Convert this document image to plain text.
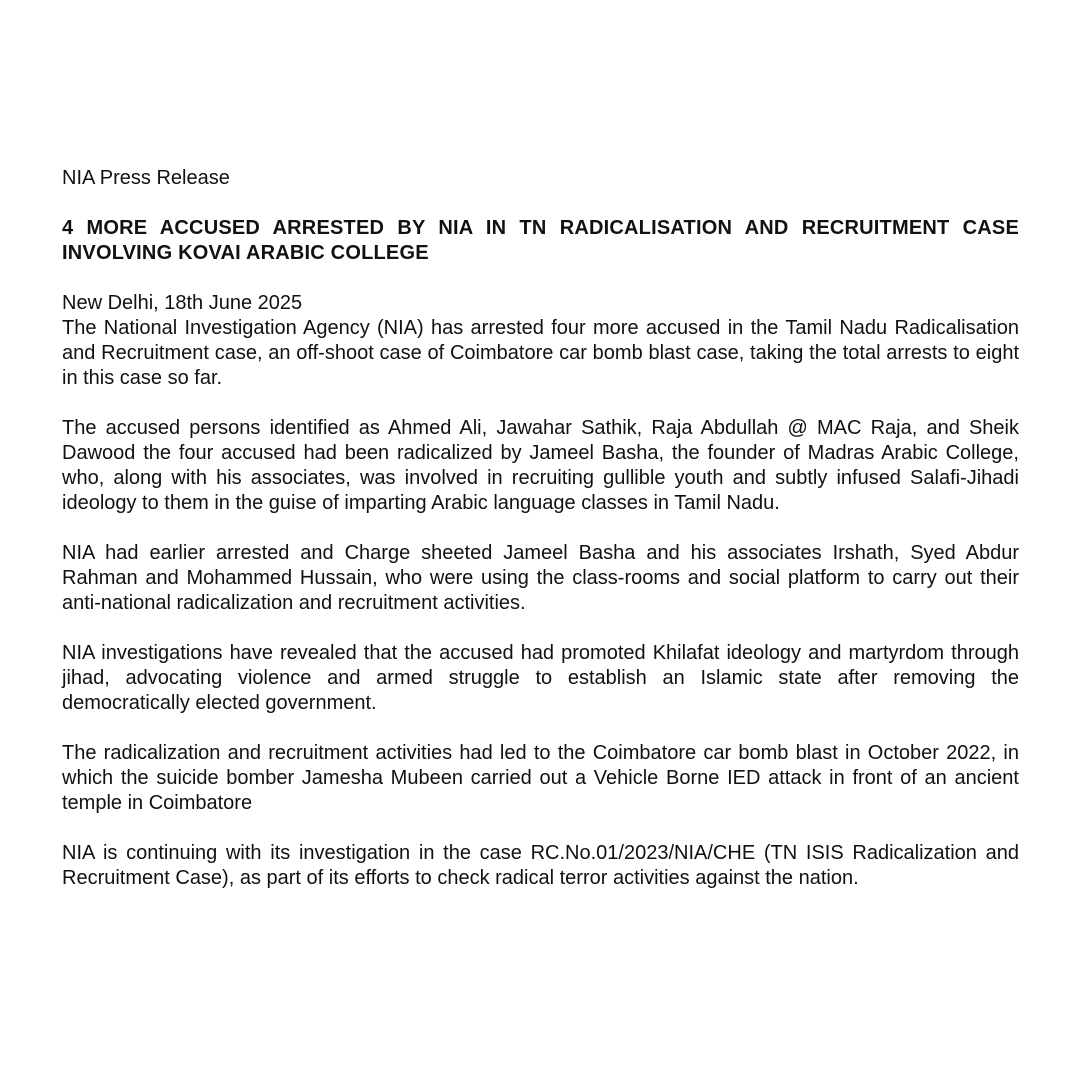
NIA Press Release

4 MORE ACCUSED ARRESTED BY NIA IN TN RADICALISATION AND RECRUITMENT CASE INVOLVING KOVAI ARABIC COLLEGE

New Delhi, 18th June 2025

The National Investigation Agency (NIA) has arrested four more accused in the Tamil Nadu Radicalisation and Recruitment case, an off-shoot case of Coimbatore car bomb blast case, taking the total arrests to eight in this case so far.

The accused persons identified as Ahmed Ali, Jawahar Sathik, Raja Abdullah @ MAC Raja, and Sheik Dawood the four accused had been radicalized by Jameel Basha, the founder of Madras Arabic College, who, along with his associates, was involved in recruiting gullible youth and subtly infused Salafi-Jihadi ideology to them in the guise of imparting Arabic language classes in Tamil Nadu.

NIA had earlier arrested and Charge sheeted Jameel Basha and his associates Irshath, Syed Abdur Rahman and Mohammed Hussain, who were using the class-rooms and social platform to carry out their anti-national radicalization and recruitment activities.

NIA investigations have revealed that the accused had promoted Khilafat ideology and martyrdom through jihad, advocating violence and armed struggle to establish an Islamic state after removing the democratically elected government.

The radicalization and recruitment activities had led to the Coimbatore car bomb blast in October 2022, in which the suicide bomber Jamesha Mubeen carried out a Vehicle Borne IED attack in front of an ancient temple in Coimbatore

NIA is continuing with its investigation in the case RC.No.01/2023/NIA/CHE (TN ISIS Radicalization and Recruitment Case), as part of its efforts to check radical terror activities against the nation.
